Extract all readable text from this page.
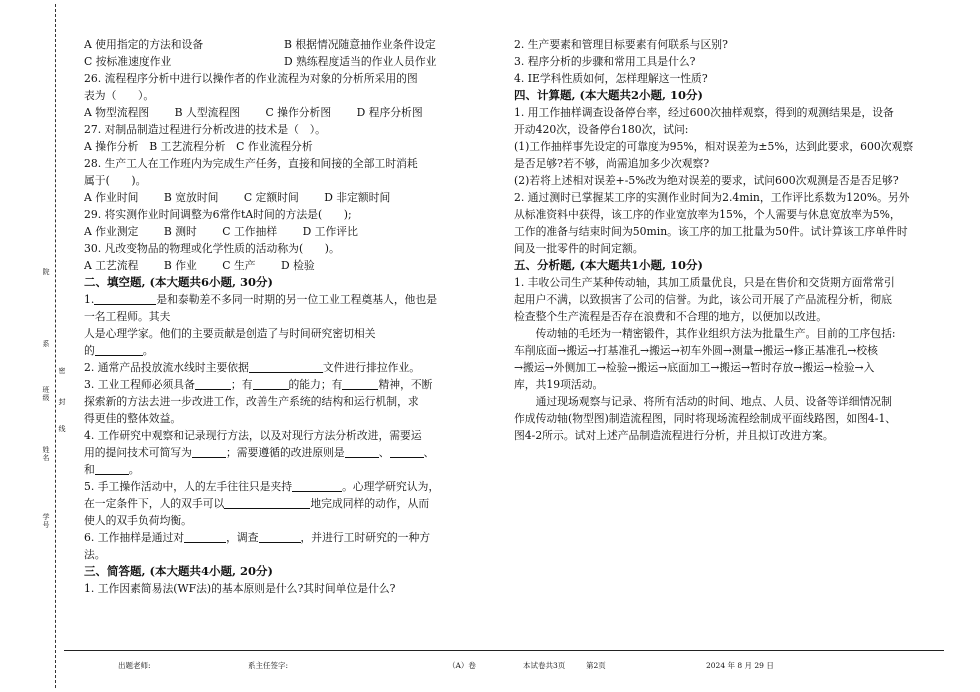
院
系
密
班级	封
线
姓名
学号
A 使用指定的方法和设备	B 根据情况随意抽作业条件设定
C 按标准速度作业	D 熟练程度适当的作业人员作业
26. 流程程序分析中进行以操作者的作业流程为对象的分析所采用的图
表为（　　）。
A 物型流程图 B 人型流程图 C 操作分析图 D 程序分析图
27. 对制品制造过程进行分析改进的技术是（　）。
A 操作分析　B 工艺流程分析　C 作业流程分析
28. 生产工人在工作班内为完成生产任务，直接和间接的全部工时消耗
属于(　　)。
A 作业时间 B 宽放时间 C 定额时间 D 非定额时间
29. 将实测作业时间调整为6常作tA时间的方法是(　　);
A 作业测定 B 测时 C 工作抽样 D 工作评比
30. 凡改变物品的物理或化学性质的活动称为(　　)。
A 工艺流程 B 作业 C 生产 D 检验
二、填空题, (本大题共6小题, 30分)
1.	是和泰勒差不多同一时期的另一位工业工程奠基人，他也是
一名工程师。其夫
人是心理学家。他们的主要贡献是创造了与时间研究密切相关
的	。
2. 通常产品投放流水线时主要依据	文件进行排拉作业。
3. 工业工程师必须具备	；有	的能力；有	精神，不断
探索新的方法去进一步改进工作，改善生产系统的结构和运行机制，求
得更佳的整体效益。
4. 工作研究中观察和记录现行方法，以及对现行方法分析改进，需要运
用的提问技术可简写为	；需要遵循的改进原则是	、	、
和	。
5. 手工操作活动中，人的左手往往只是夹持	。心理学研究认为，
在一定条件下，人的双手可以	地完成同样的动作，从而
使人的双手负荷均衡。
6. 工作抽样是通过对	，调查	，并进行工时研究的一种方
法。
三、简答题, (本大题共4小题, 20分)
1. 工作因素简易法(WF法)的基本原则是什么?其时间单位是什么?
2. 生产要素和管理目标要素有何联系与区别?
3. 程序分析的步骤和常用工具是什么?
4. IE学科性质如何，怎样理解这一性质?
四、计算题, (本大题共2小题, 10分)
1. 用工作抽样调查设备停台率，经过600次抽样观察，得到的观测结果是，设备
开动420次，设备停台180次，试问:
(1)工作抽样事先设定的可靠度为95%，相对误差为±5%，达到此要求，600次观察
是否足够?若不够，尚需追加多少次观察?
(2)若将上述相对误差+-5%改为绝对误差的要求，试问600次观测是否是否足够?
2. 通过测时已掌握某工序的实测作业时间为2.4min，工作评比系数为120%。另外
从标准资料中获得，该工序的作业宽放率为15%，个人需要与休息宽放率为5%，
工作的准备与结束时间为50min。该工序的加工批量为50件。试计算该工序单件时
间及一批零件的时间定额。
五、分析题, (本大题共1小题, 10分)
1. 丰收公司生产某种传动轴，其加工质量优良，只是在售价和交货期方面常常引
起用户不满，以致损害了公司的信誉。为此，该公司开展了产品流程分析，彻底
检查整个生产流程是否存在浪费和不合理的地方，以便加以改进。
传动轴的毛坯为一精密锻件，其作业组织方法为批量生产。目前的工序包括:
车削底面→搬运→打基准孔→搬运→初车外圆→测量→搬运→修正基准孔→校核
→搬运→外侧加工→检验→搬运→底面加工→搬运→暂时存放→搬运→检验→入
库，共19项活动。
通过现场观察与记录、将所有活动的时间、地点、人员、设备等详细情况制
作成传动轴(物型图)制造流程图，同时将现场流程绘制成平面线路图，如图4-1、
图4-2所示。试对上述产品制造流程进行分析，并且拟订改进方案。
出题老师:	系主任签字:	（A）卷	本试卷共3页	第2页	2024 年 8 月 29 日
